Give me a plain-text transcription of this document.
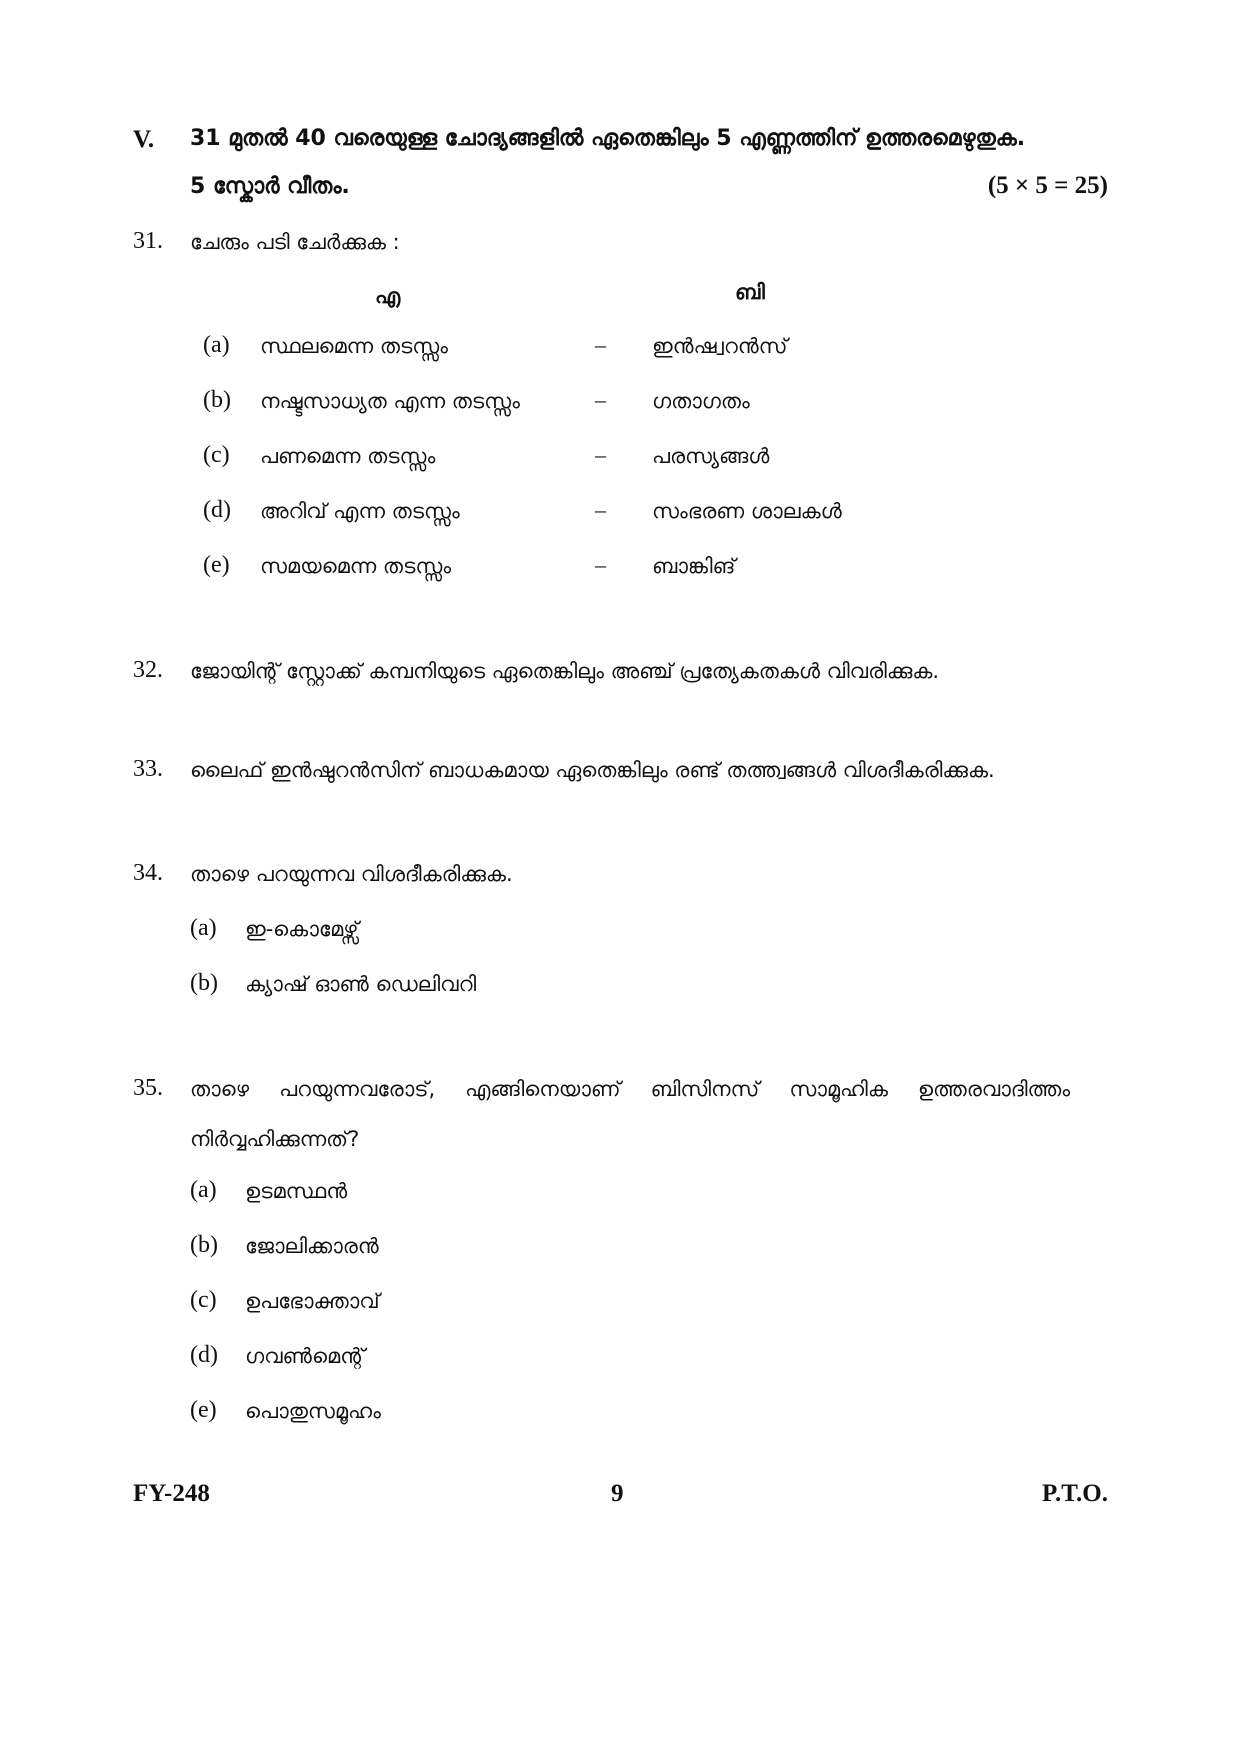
V. 31 മുതൽ 40 വരെയുള്ള ചോദ്യങ്ങളിൽ ഏതെങ്കിലും 5 എണ്ണത്തിന് ഉത്തരമെഴുതുക.
5 സ്കോർ വീതം.	(5 × 5 = 25)
31. ചേരും പടി ചേർക്കുക :
എ	ബി
(a) സ്ഥലമെന്ന തടസ്സം	– ഇൻഷ്വറൻസ്
(b) നഷ്ടസാധ്യത എന്ന തടസ്സം	– ഗതാഗതം
(c) പണമെന്ന തടസ്സം	– പരസ്യങ്ങൾ
(d) അറിവ് എന്ന തടസ്സം	– സംഭരണ ശാലകൾ
(e) സമയമെന്ന തടസ്സം	– ബാങ്കിങ്
32. ജോയിന്റ് സ്റ്റോക്ക് കമ്പനിയുടെ ഏതെങ്കിലും അഞ്ച് പ്രത്യേകതകൾ വിവരിക്കുക.
33. ലൈഫ് ഇൻഷുറൻസിന് ബാധകമായ ഏതെങ്കിലും രണ്ട് തത്ത്വങ്ങൾ വിശദീകരിക്കുക.
34. താഴെ പറയുന്നവ വിശദീകരിക്കുക.
(a) ഇ-കൊമേഴ്സ്
(b) ക്യാഷ് ഓൺ ഡെലിവറി
35. താഴെ പറയുന്നവരോട്, എങ്ങിനെയാണ് ബിസിനസ് സാമൂഹിക ഉത്തരവാദിത്തം നിർവ്വഹിക്കുന്നത്?
(a) ഉടമസ്ഥൻ
(b) ജോലിക്കാരൻ
(c) ഉപഭോക്താവ്
(d) ഗവൺമെന്റ്
(e) പൊതുസമൂഹം
FY-248	9	P.T.O.
